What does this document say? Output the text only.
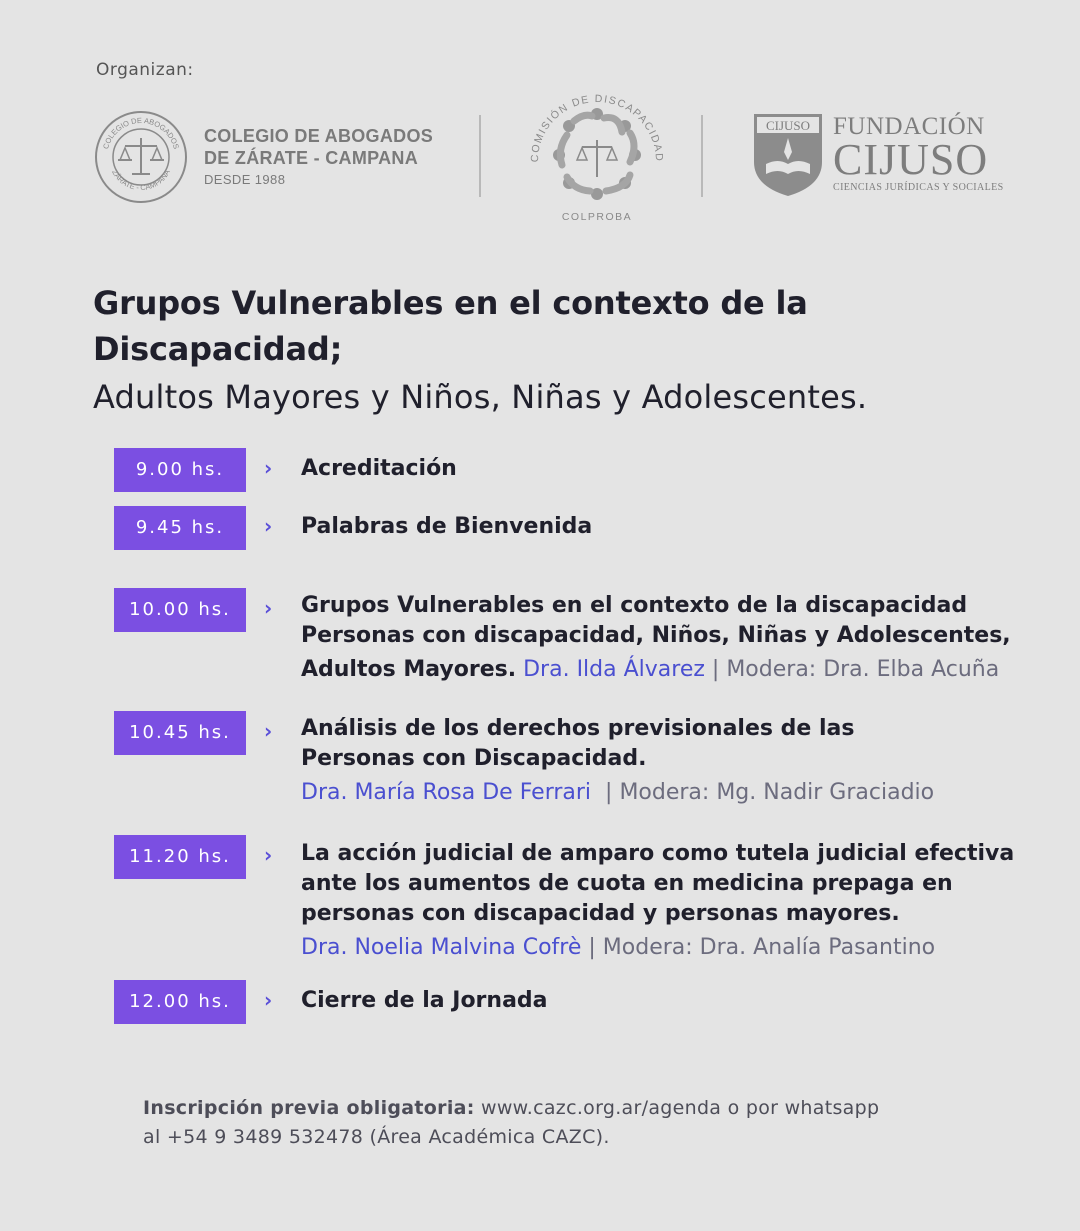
Organizan:
COLEGIO DE ABOGADOS
ZÁRATE - CAMPANA
COLEGIO DE ABOGADOS
DE ZÁRATE - CAMPANA
DESDE 1988
COMISIÓN DE DISCAPACIDAD
COLPROBA
CIJUSO FUNDACIÓN
CIJUSO
CIENCIAS JURÍDICAS Y SOCIALES
Grupos Vulnerables en el contexto de la Discapacidad;
Adultos Mayores y Niños, Niñas y Adolescentes.
9.00 hs.	› Acreditación
9.45 hs.	› Palabras de Bienvenida
10.00 hs.	› Grupos Vulnerables en el contexto de la discapacidad
Personas con discapacidad, Niños, Niñas y Adolescentes,
Adultos Mayores. Dra. Ilda Álvarez | Modera: Dra. Elba Acuña
10.45 hs.	› Análisis de los derechos previsionales de las
Personas con Discapacidad.
Dra. María Rosa De Ferrari  | Modera: Mg. Nadir Graciadio
11.20 hs.	› La acción judicial de amparo como tutela judicial efectiva
ante los aumentos de cuota en medicina prepaga en
personas con discapacidad y personas mayores.
Dra. Noelia Malvina Cofrè | Modera: Dra. Analía Pasantino
12.00 hs.	› Cierre de la Jornada
Inscripción previa obligatoria: www.cazc.org.ar/agenda o por whatsapp
al +54 9 3489 532478 (Área Académica CAZC).
